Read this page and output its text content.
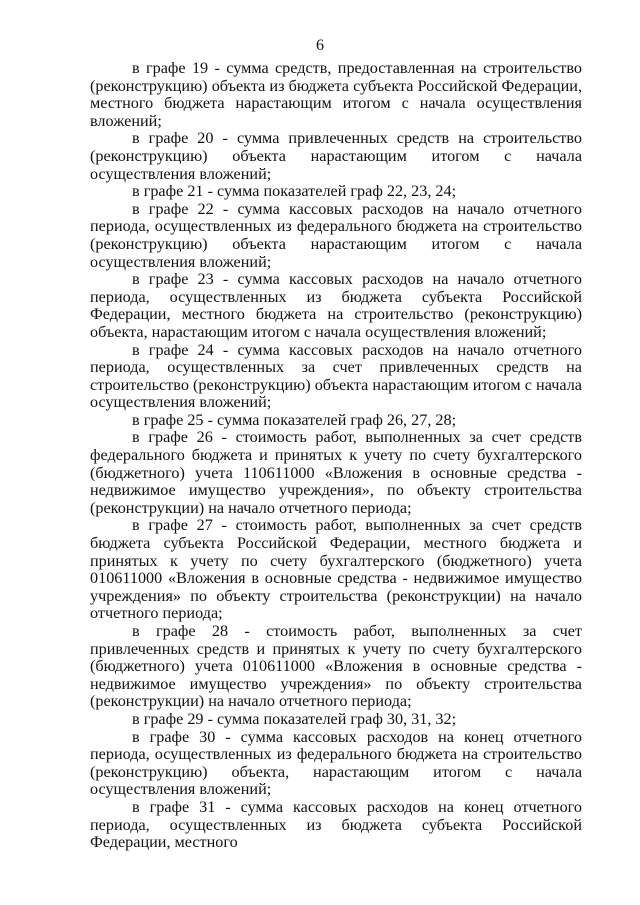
6

в графе 19 - сумма средств, предоставленная на строительство (реконструкцию) объекта из бюджета субъекта Российской Федерации, местного бюджета нарастающим итогом с начала осуществления вложений;

в графе 20 - сумма привлеченных средств на строительство (реконструкцию) объекта нарастающим итогом с начала осуществления вложений;

в графе 21 - сумма показателей граф 22, 23, 24;

в графе 22 - сумма кассовых расходов на начало отчетного периода, осуществленных из федерального бюджета на строительство (реконструкцию) объекта нарастающим итогом с начала осуществления вложений;

в графе 23 - сумма кассовых расходов на начало отчетного периода, осуществленных из бюджета субъекта Российской Федерации, местного бюджета на строительство (реконструкцию) объекта, нарастающим итогом с начала осуществления вложений;

в графе 24 - сумма кассовых расходов на начало отчетного периода, осуществленных за счет привлеченных средств на строительство (реконструкцию) объекта нарастающим итогом с начала осуществления вложений;

в графе 25 - сумма показателей граф 26, 27, 28;

в графе 26 - стоимость работ, выполненных за счет средств федерального бюджета и принятых к учету по счету бухгалтерского (бюджетного) учета 110611000 «Вложения в основные средства - недвижимое имущество учреждения», по объекту строительства (реконструкции) на начало отчетного периода;

в графе 27 - стоимость работ, выполненных за счет средств бюджета субъекта Российской Федерации, местного бюджета и принятых к учету по счету бухгалтерского (бюджетного) учета 010611000 «Вложения в основные средства - недвижимое имущество учреждения» по объекту строительства (реконструкции) на начало отчетного периода;

в графе 28 - стоимость работ, выполненных за счет привлеченных средств и принятых к учету по счету бухгалтерского (бюджетного) учета 010611000 «Вложения в основные средства - недвижимое имущество учреждения» по объекту строительства (реконструкции) на начало отчетного периода;

в графе 29 - сумма показателей граф 30, 31, 32;

в графе 30 - сумма кассовых расходов на конец отчетного периода, осуществленных из федерального бюджета на строительство (реконструкцию) объекта, нарастающим итогом с начала осуществления вложений;

в графе 31 - сумма кассовых расходов на конец отчетного периода, осуществленных из бюджета субъекта Российской Федерации, местного
